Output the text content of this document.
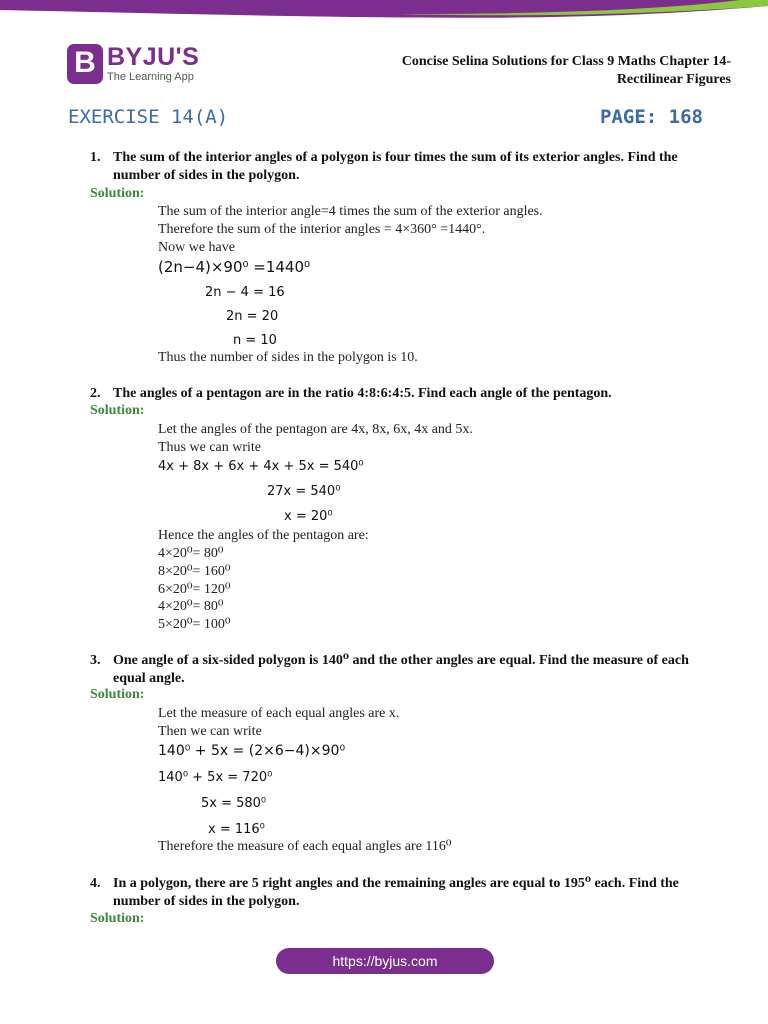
B BYJU'S
The Learning App
Concise Selina Solutions for Class 9 Maths Chapter 14-
Rectilinear Figures
EXERCISE 14(A)	PAGE: 168
1. The sum of the interior angles of a polygon is four times the sum of its exterior angles. Find the number of sides in the polygon.
Solution:
The sum of the interior angle=4 times the sum of the exterior angles.
Therefore the sum of the interior angles = 4×360° =1440°.
Now we have
(2n−4)×90⁰ =1440⁰
2n − 4 = 16
2n = 20
n = 10
Thus the number of sides in the polygon is 10.
2. The angles of a pentagon are in the ratio 4:8:6:4:5. Find each angle of the pentagon.
Solution:
Let the angles of the pentagon are 4x, 8x, 6x, 4x and 5x.
Thus we can write
4x + 8x + 6x + 4x + 5x = 540⁰
27x = 540⁰
x = 20⁰
Hence the angles of the pentagon are:
4×20⁰= 80⁰
8×20⁰= 160⁰
6×20⁰= 120⁰
4×20⁰= 80⁰
5×20⁰= 100⁰
3. One angle of a six-sided polygon is 140⁰ and the other angles are equal. Find the measure of each equal angle.
Solution:
Let the measure of each equal angles are x.
Then we can write
140⁰ + 5x = (2×6−4)×90⁰
140⁰ + 5x = 720⁰
5x = 580⁰
x = 116⁰
Therefore the measure of each equal angles are 116⁰
4. In a polygon, there are 5 right angles and the remaining angles are equal to 195⁰ each. Find the number of sides in the polygon.
Solution:
https://byjus.com
